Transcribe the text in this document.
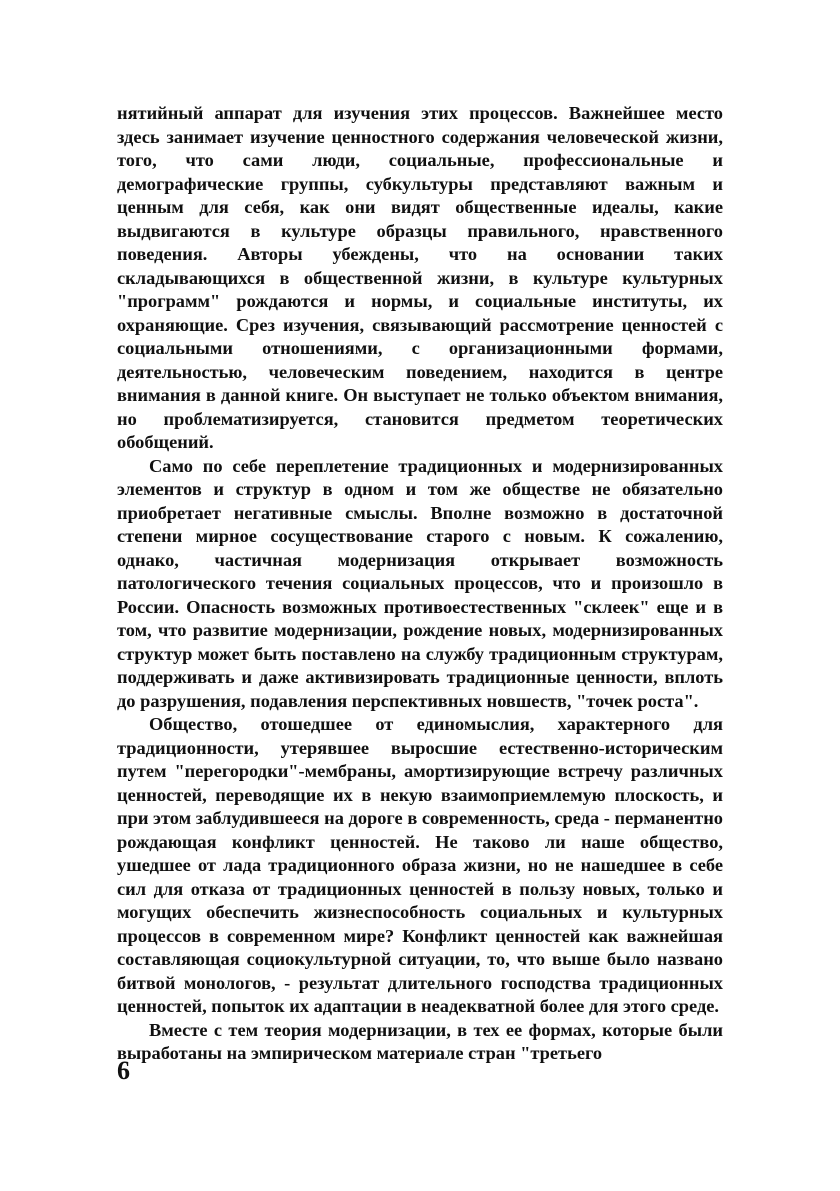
нятийный аппарат для изучения этих процессов. Важнейшее место здесь занимает изучение ценностного содержания человеческой жизни, того, что сами люди, социальные, профессиональные и демографические группы, субкультуры представляют важным и ценным для себя, как они видят общественные идеалы, какие выдвигаются в культуре образцы правильного, нравственного поведения. Авторы убеждены, что на основании таких складывающихся в общественной жизни, в культуре культурных "программ" рождаются и нормы, и социальные институты, их охраняющие. Срез изучения, связывающий рассмотрение ценностей с социальными отношениями, с организационными формами, деятельностью, человеческим поведением, находится в центре внимания в данной книге. Он выступает не только объектом внимания, но проблематизируется, становится предметом теоретических обобщений.

Само по себе переплетение традиционных и модернизированных элементов и структур в одном и том же обществе не обязательно приобретает негативные смыслы. Вполне возможно в достаточной степени мирное сосуществование старого с новым. К сожалению, однако, частичная модернизация открывает возможность патологического течения социальных процессов, что и произошло в России. Опасность возможных противоестественных "склеек" еще и в том, что развитие модернизации, рождение новых, модернизированных структур может быть поставлено на службу традиционным структурам, поддерживать и даже активизировать традиционные ценности, вплоть до разрушения, подавления перспективных новшеств, "точек роста".

Общество, отошедшее от единомыслия, характерного для традиционности, утерявшее выросшие естественно-историческим путем "перегородки"-мембраны, амортизирующие встречу различных ценностей, переводящие их в некую взаимоприемлемую плоскость, и при этом заблудившееся на дороге в современность, среда - перманентно рождающая конфликт ценностей. Не таково ли наше общество, ушедшее от лада традиционного образа жизни, но не нашедшее в себе сил для отказа от традиционных ценностей в пользу новых, только и могущих обеспечить жизнеспособность социальных и культурных процессов в современном мире? Конфликт ценностей как важнейшая составляющая социокультурной ситуации, то, что выше было названо битвой монологов, - результат длительного господства традиционных ценностей, попыток их адаптации в неадекватной более для этого среде.

Вместе с тем теория модернизации, в тех ее формах, которые были выработаны на эмпирическом материале стран "третьего

6
